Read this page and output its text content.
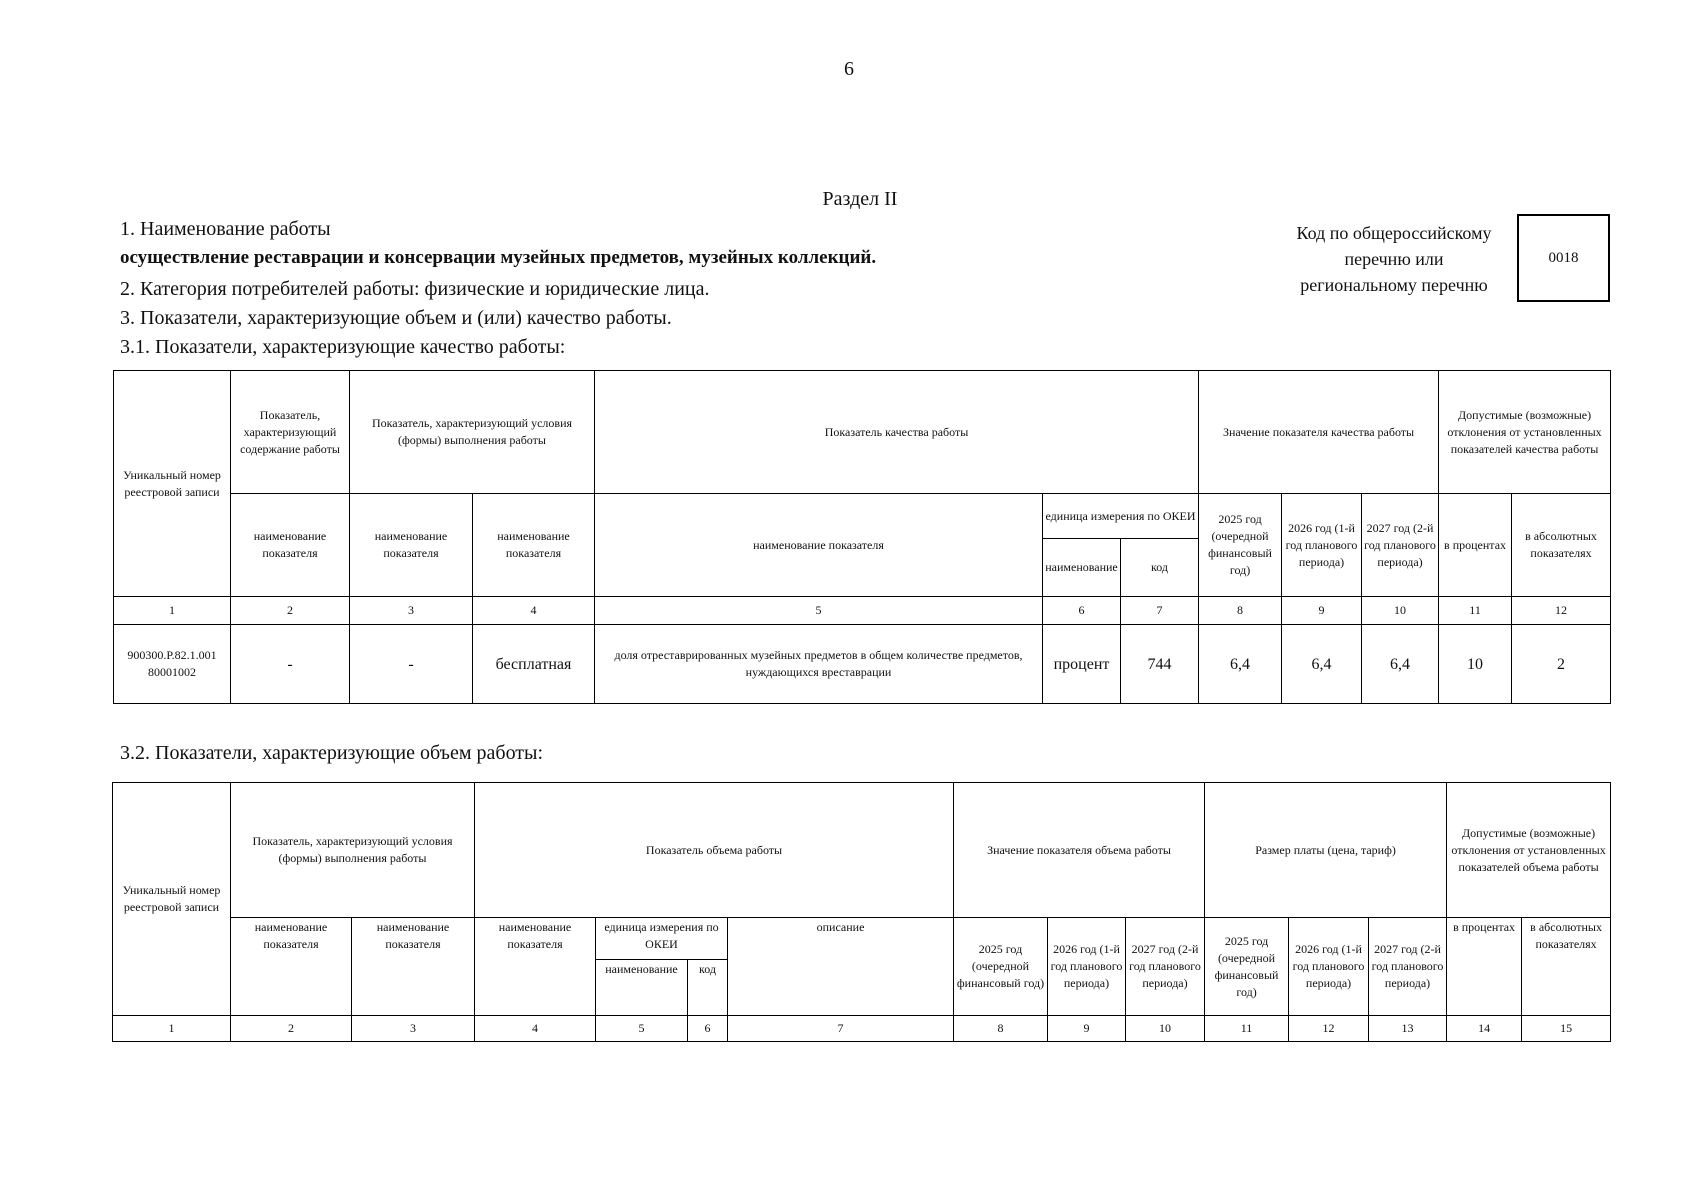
6
Раздел II
1. Наименование работы
осуществление реставрации и консервации музейных предметов, музейных коллекций.
2. Категория потребителей работы: физические и юридические лица.
3. Показатели, характеризующие объем и (или) качество работы.
3.1. Показатели, характеризующие качество работы:
Код по общероссийскому
перечню или
региональному перечню
0018
Уникальный номер реестровой записи	Показатель, характеризующий содержание работы	Показатель, характеризующий условия (формы) выполнения работы		Показатель качества работы			Значение показателя качества работы			Допустимые (возможные) отклонения от установленных показателей качества работы	
	наименование показателя	наименование показателя	наименование показателя	наименование показателя	единица измерения по ОКЕИ		2025 год (очередной финансовый год)	2026 год (1-й год планового периода)	2027 год (2-й год планового периода)	в процентах	в абсолютных показателях
					наименование	код					
1	2	3	4	5	6	7	8	9	10	11	12
900300.Р.82.1.001 80001002	-	-	бесплатная	доля отреставрированных музейных предметов в общем количестве предметов, нуждающихся вреставрации	процент	744	6,4	6,4	6,4	10	2
3.2. Показатели, характеризующие объем работы:
Уникальный номер реестровой записи	Показатель, характеризующий условия (формы) выполнения работы		Показатель объема работы				Значение показателя объема работы			Размер платы (цена, тариф)			Допустимые (возможные) отклонения от установленных показателей объема работы	
	наименование показателя	наименование показателя	наименование показателя	единица измерения по ОКЕИ		описание	2025 год (очередной финансовый год)	2026 год (1-й год планового периода)	2027 год (2-й год планового периода)	2025 год (очередной финансовый год)	2026 год (1-й год планового периода)	2027 год (2-й год планового периода)	в процентах	в абсолютных показателях
				наименование	код									
1	2	3	4	5	6	7	8	9	10	11	12	13	14	15
